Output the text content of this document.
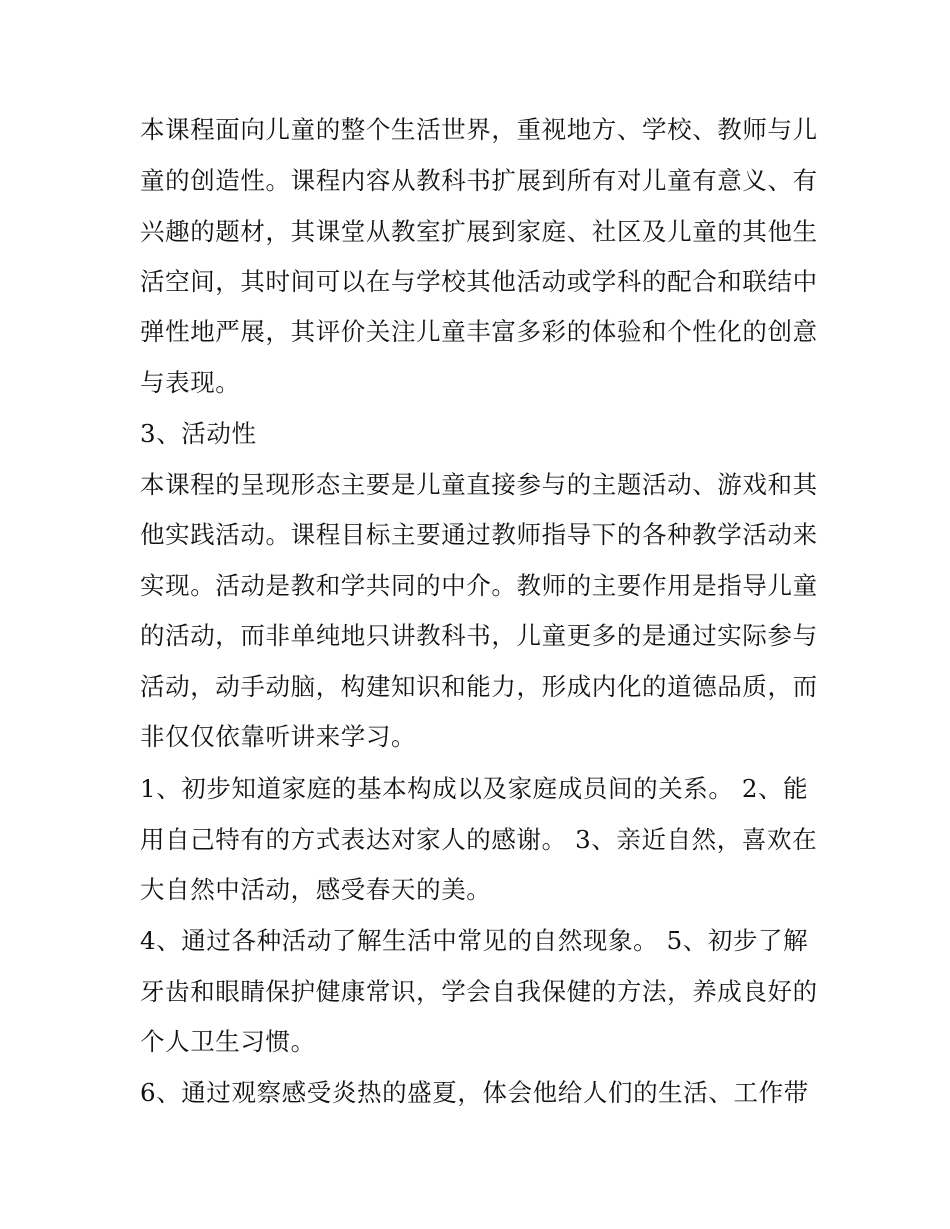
本课程面向儿童的整个生活世界，重视地方、学校、教师与儿
童的创造性。课程内容从教科书扩展到所有对儿童有意义、有
兴趣的题材，其课堂从教室扩展到家庭、社区及儿童的其他生
活空间，其时间可以在与学校其他活动或学科的配合和联结中
弹性地严展，其评价关注儿童丰富多彩的体验和个性化的创意
与表现。
3、活动性
本课程的呈现形态主要是儿童直接参与的主题活动、游戏和其
他实践活动。课程目标主要通过教师指导下的各种教学活动来
实现。活动是教和学共同的中介。教师的主要作用是指导儿童
的活动，而非单纯地只讲教科书，儿童更多的是通过实际参与
活动，动手动脑，构建知识和能力，形成内化的道德品质，而
非仅仅依靠听讲来学习。
1、初步知道家庭的基本构成以及家庭成员间的关系。 2、能
用自己特有的方式表达对家人的感谢。 3、亲近自然，喜欢在
大自然中活动，感受春天的美。
4、通过各种活动了解生活中常见的自然现象。 5、初步了解
牙齿和眼睛保护健康常识，学会自我保健的方法，养成良好的
个人卫生习惯。
6、通过观察感受炎热的盛夏，体会他给人们的生活、工作带
